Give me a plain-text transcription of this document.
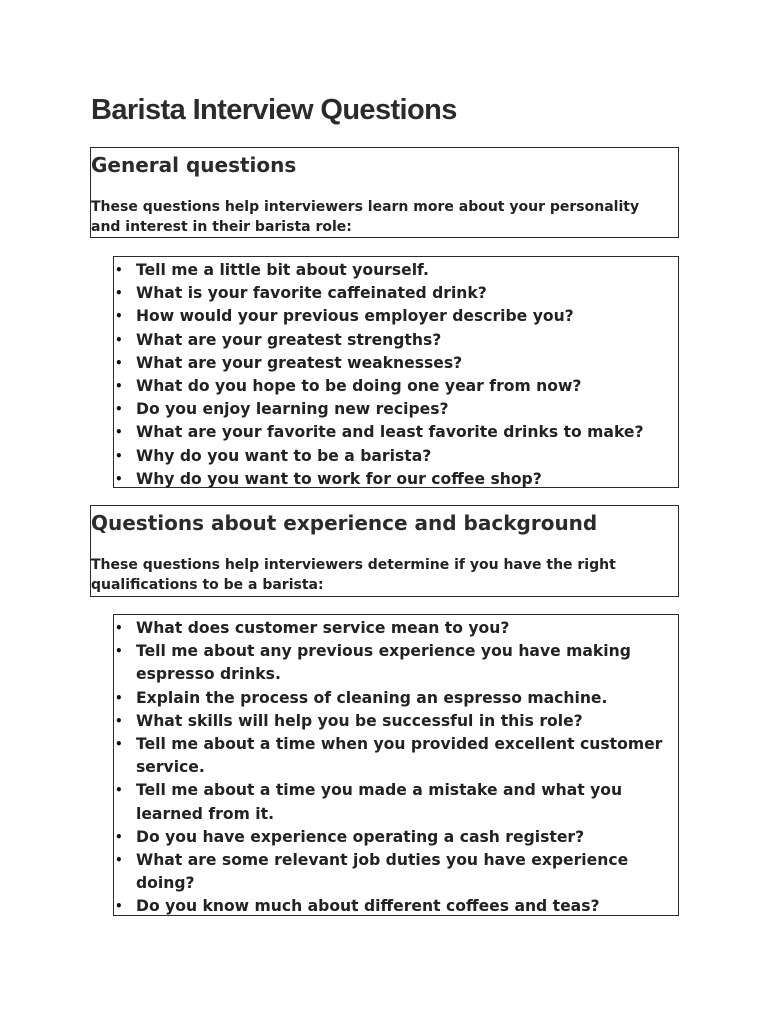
Barista Interview Questions
General questions

These questions help interviewers learn more about your personality and interest in their barista role:

• Tell me a little bit about yourself.
• What is your favorite caffeinated drink?
• How would your previous employer describe you?
• What are your greatest strengths?
• What are your greatest weaknesses?
• What do you hope to be doing one year from now?
• Do you enjoy learning new recipes?
• What are your favorite and least favorite drinks to make?
• Why do you want to be a barista?
• Why do you want to work for our coffee shop?
Questions about experience and background

These questions help interviewers determine if you have the right qualifications to be a barista:

• What does customer service mean to you?
• Tell me about any previous experience you have making espresso drinks.
• Explain the process of cleaning an espresso machine.
• What skills will help you be successful in this role?
• Tell me about a time when you provided excellent customer service.
• Tell me about a time you made a mistake and what you learned from it.
• Do you have experience operating a cash register?
• What are some relevant job duties you have experience doing?
• Do you know much about different coffees and teas?
